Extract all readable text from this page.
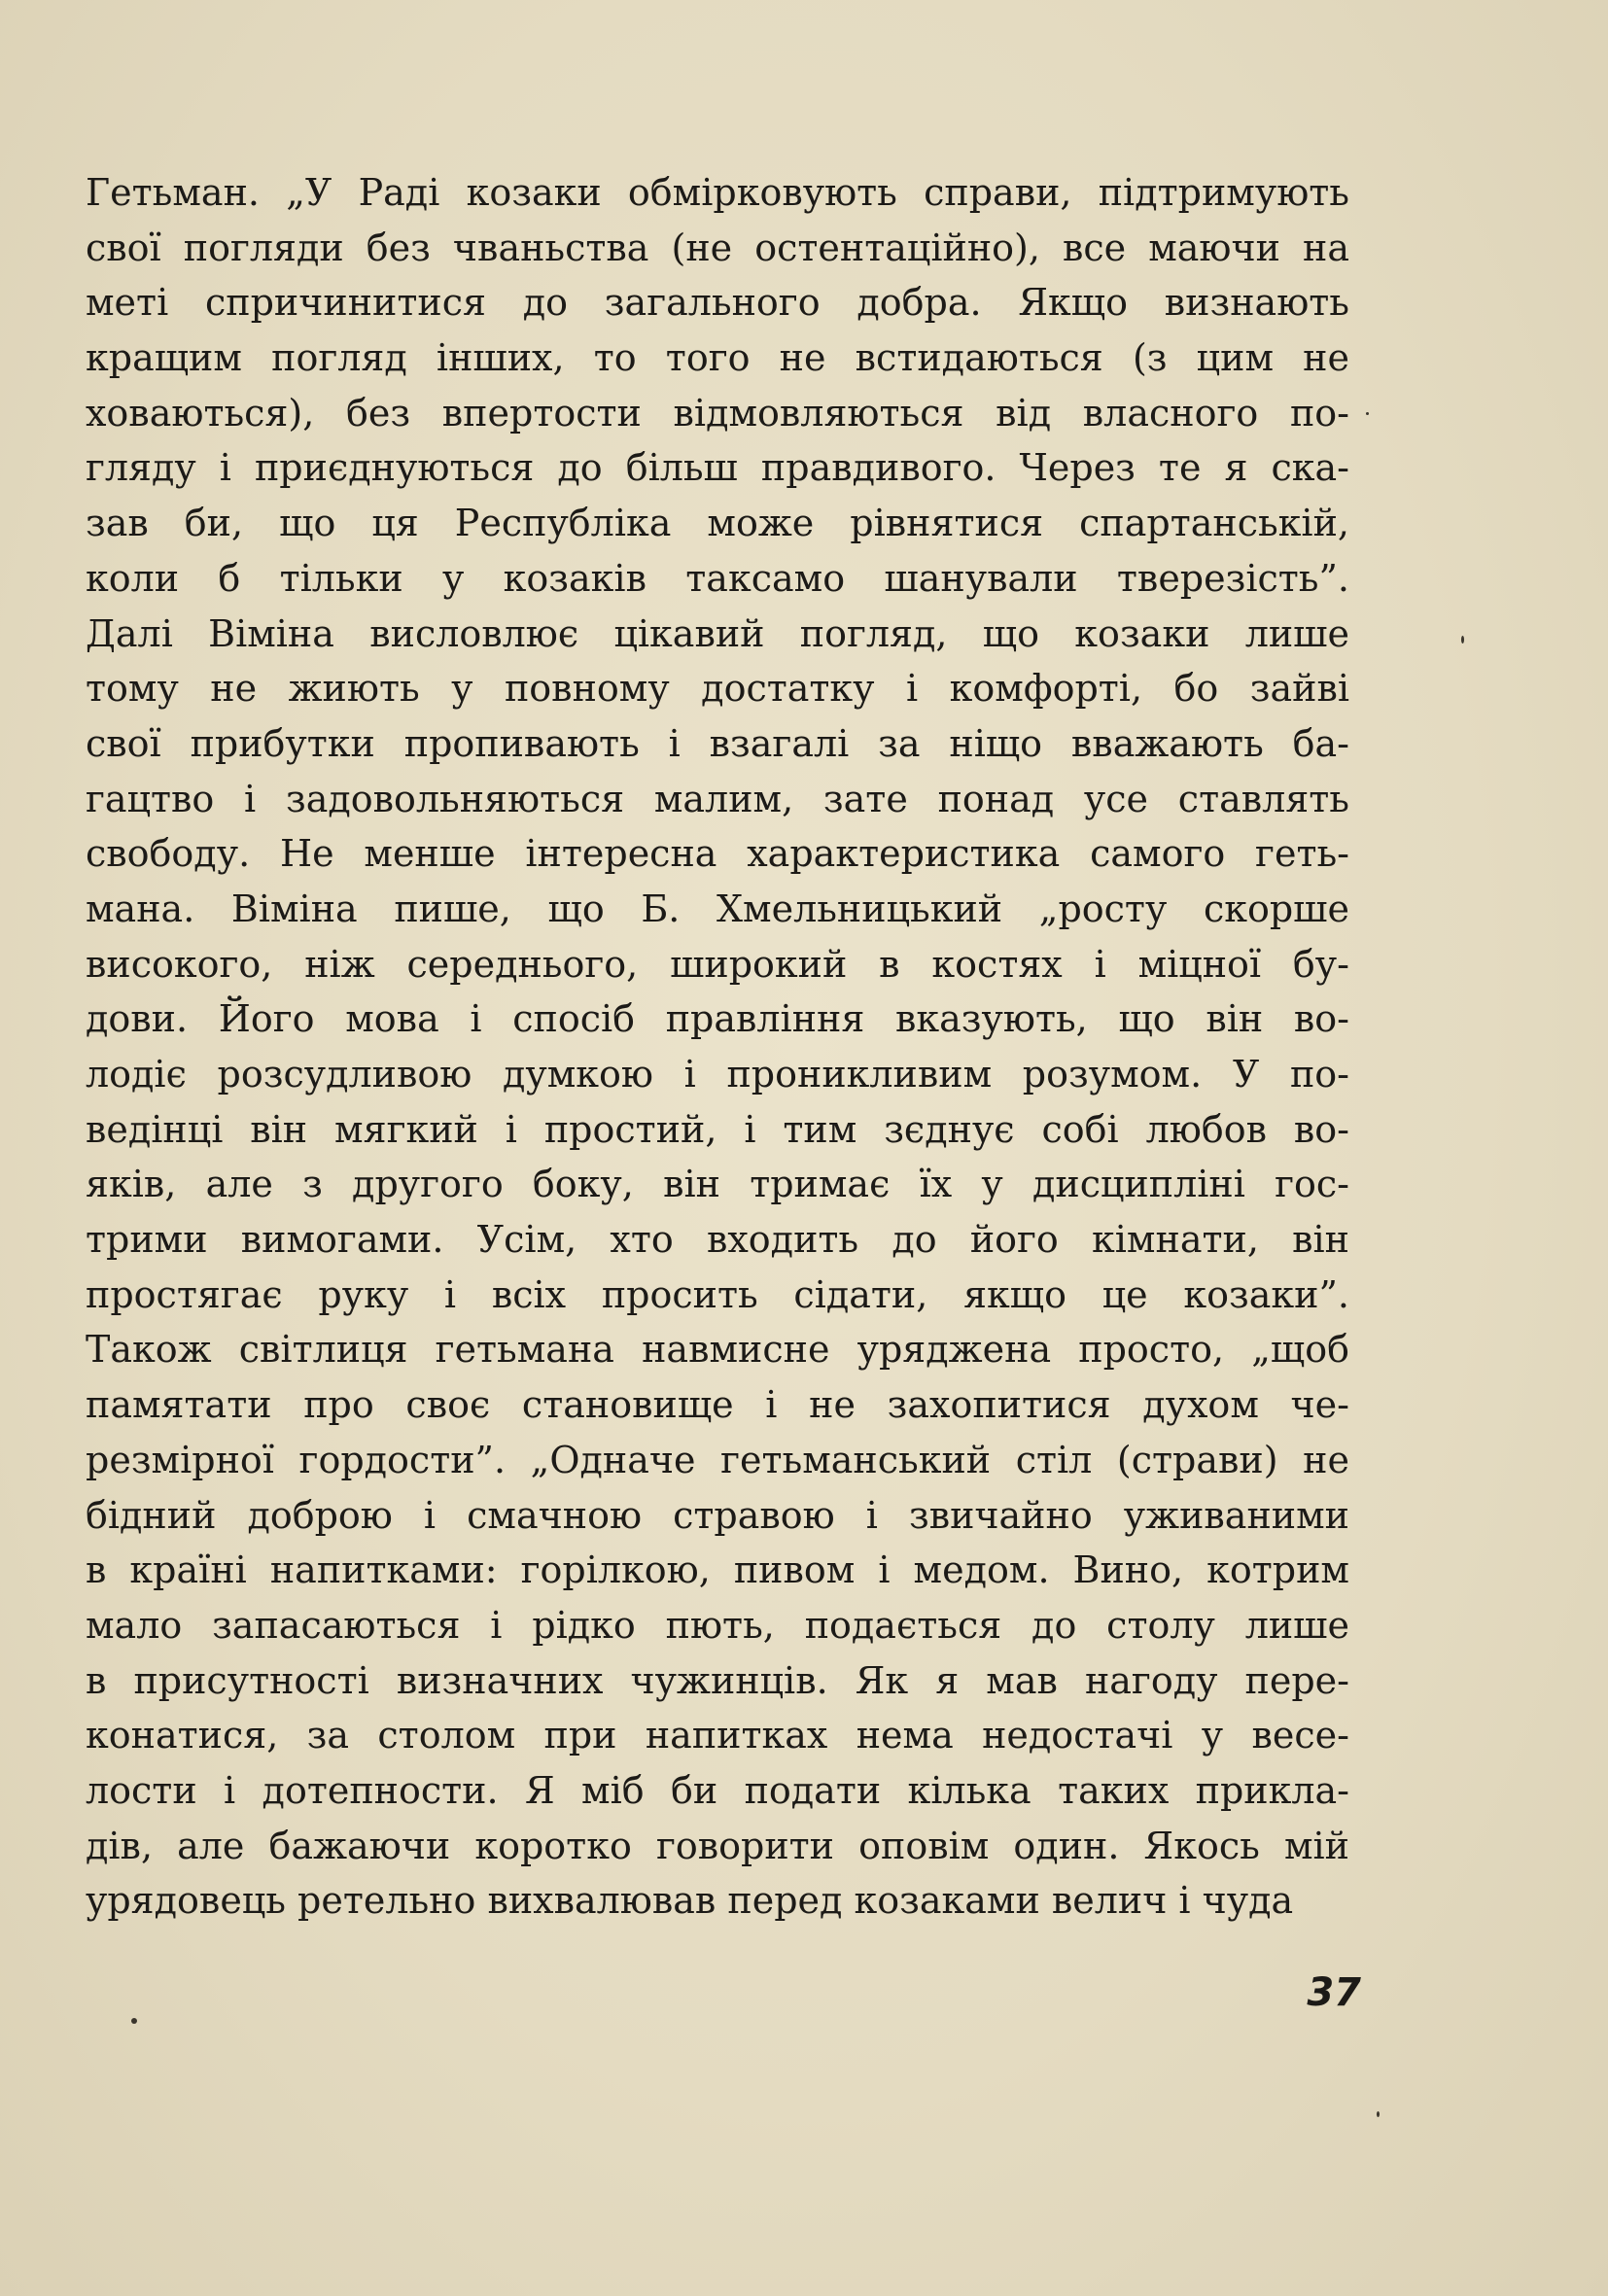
Гетьман. „У Раді козаки обмірковують справи, підтримують
свої погляди без чваньства (не остентаційно), все маючи на
меті спричинитися до загального добра. Якщо визнають
кращим погляд інших, то того не встидаються (з цим не
ховаються), без впертости відмовляються від власного по-
гляду і приєднуються до більш правдивого. Через те я ска-
зав би, що ця Республіка може рівнятися спартанській,
коли б тільки у козаків таксамо шанували тверезість”.
Далі Віміна висловлює цікавий погляд, що козаки лише
тому не жиють у повному достатку і комфорті, бо зайві
свої прибутки пропивають і взагалі за ніщо вважають ба-
гацтво і задовольняються малим, зате понад усе ставлять
свободу. Не менше інтересна характеристика самого геть-
мана. Віміна пише, що Б. Хмельницький „росту скорше
високого, ніж середнього, широкий в костях і міцної бу-
дови. Його мова і спосіб правління вказують, що він во-
лодіє розсудливою думкою і проникливим розумом. У по-
ведінці він мягкий і простий, і тим зєднує собі любов во-
яків, але з другого боку, він тримає їх у дисципліні гос-
трими вимогами. Усім, хто входить до його кімнати, він
простягає руку і всіх просить сідати, якщо це козаки”.
Також світлиця гетьмана навмисне уряджена просто, „щоб
памятати про своє становище і не захопитися духом че-
резмірної гордости”. „Одначе гетьманський стіл (страви) не
бідний доброю і смачною стравою і звичайно уживаними
в країні напитками: горілкою, пивом і медом. Вино, котрим
мало запасаються і рідко пють, подається до столу лише
в присутності визначних чужинців. Як я мав нагоду пере-
конатися, за столом при напитках нема недостачі у весе-
лости і дотепности. Я міб би подати кілька таких прикла-
дів, але бажаючи коротко говорити оповім один. Якось мій
урядовець ретельно вихвалював перед козаками велич і чуда
37
